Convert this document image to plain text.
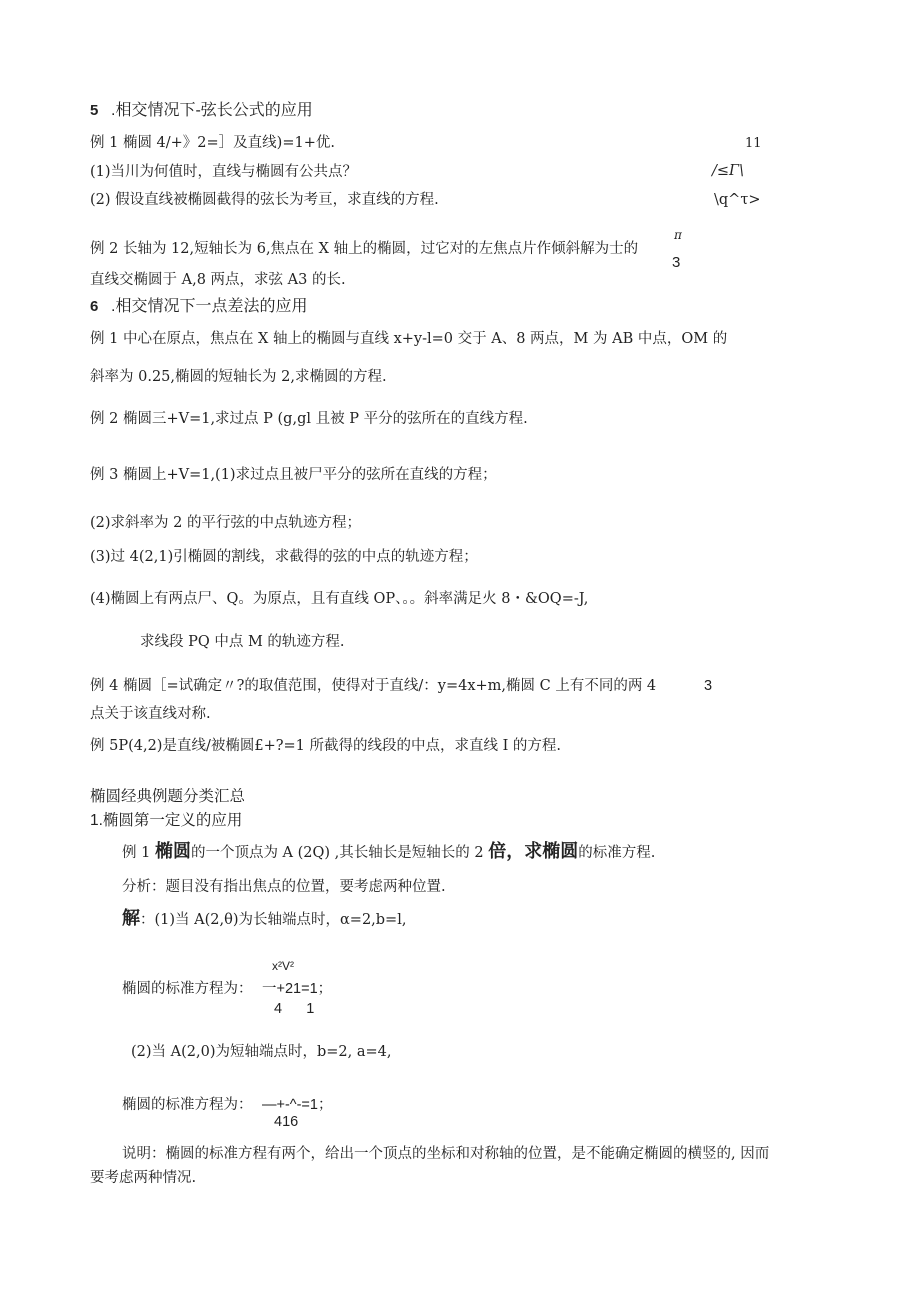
5 .相交情况下-弦长公式的应用
例 1 椭圆 4/+》2=］及直线)=1+优.	11
(1)当川为何值时，直线与椭圆有公共点？	/≤Γ\
(2) 假设直线被椭圆截得的弦长为考亘，求直线的方程.	\q^τ>
π
例 2 长轴为 12,短轴长为 6,焦点在 X 轴上的椭圆，过它对的左焦点片作倾斜解为士的
3
直线交椭圆于 A,8 两点，求弦 A3 的长.
6 .相交情况下一点差法的应用
例 1 中心在原点，焦点在 X 轴上的椭圆与直线 x+y-l=0 交于 A、8 两点，M 为 AB 中点，OM 的
斜率为 0.25,椭圆的短轴长为 2,求椭圆的方程.
例 2 椭圆三+V=1,求过点 P (g,gl 且被 P 平分的弦所在的直线方程.
例 3 椭圆上+V=1,(1)求过点且被尸平分的弦所在直线的方程；
(2)求斜率为 2 的平行弦的中点轨迹方程；
(3)过 4(2,1)引椭圆的割线，求截得的弦的中点的轨迹方程；
(4)椭圆上有两点尸、Q。为原点，且有直线 OP、。。斜率满足火 8・&OQ=-J,
求线段 PQ 中点 M 的轨迹方程.
例 4 椭圆［=试确定〃?的取值范围，使得对于直线/：y=4x+m,椭圆 C 上有不同的两 4	3
点关于该直线对称.
例 5P(4,2)是直线/被椭圆£+?=1 所截得的线段的中点，求直线 I 的方程.
椭圆经典例题分类汇总
1.椭圆第一定义的应用
例 1 椭圆的一个顶点为 A (2Q) ,其长轴长是短轴长的 2 倍，求椭圆的标准方程.
分析：题目没有指出焦点的位置，要考虑两种位置.
解：(1)当 A(2,θ)为长轴端点时，α=2,b=l,
x²V²
椭圆的标准方程为： 一+21=1；
4      1
(2)当 A(2,0)为短轴端点时，b=2, a=4,
椭圆的标准方程为： —+-^-=1；
416
说明：椭圆的标准方程有两个，给出一个顶点的坐标和对称轴的位置，是不能确定椭圆的横竖的, 因而
要考虑两种情况.
